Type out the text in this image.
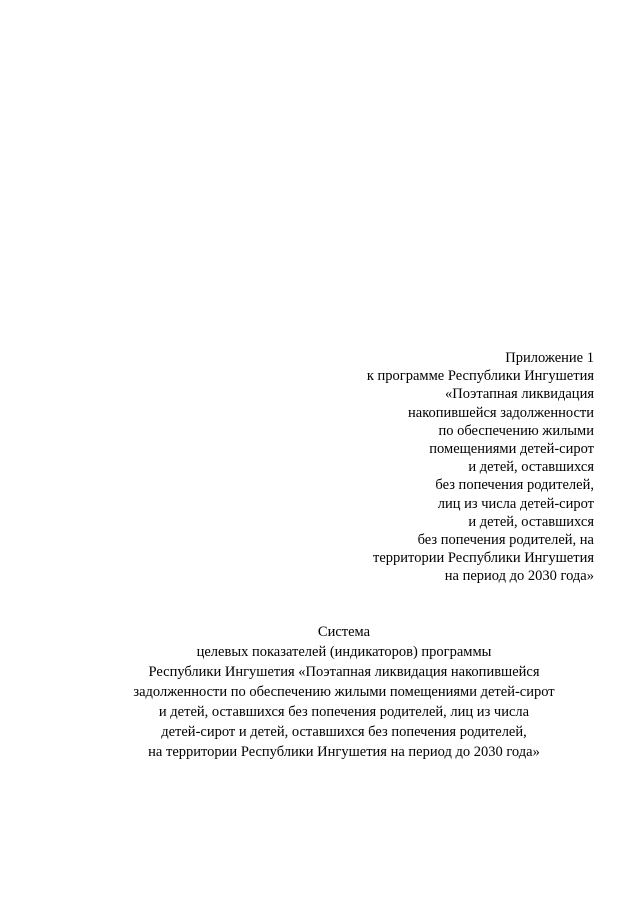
Приложение 1
к программе Республики Ингушетия
«Поэтапная ликвидация
накопившейся задолженности
по обеспечению жилыми
помещениями детей-сирот
и детей, оставшихся
без попечения родителей,
лиц из числа детей-сирот
и детей, оставшихся
без попечения родителей, на
территории Республики Ингушетия
на период до 2030 года»
Система
целевых показателей (индикаторов) программы
Республики Ингушетия «Поэтапная ликвидация накопившейся
задолженности по обеспечению жилыми помещениями детей-сирот
и детей, оставшихся без попечения родителей, лиц из числа
детей-сирот и детей, оставшихся без попечения родителей,
на территории Республики Ингушетия на период до 2030 года»
